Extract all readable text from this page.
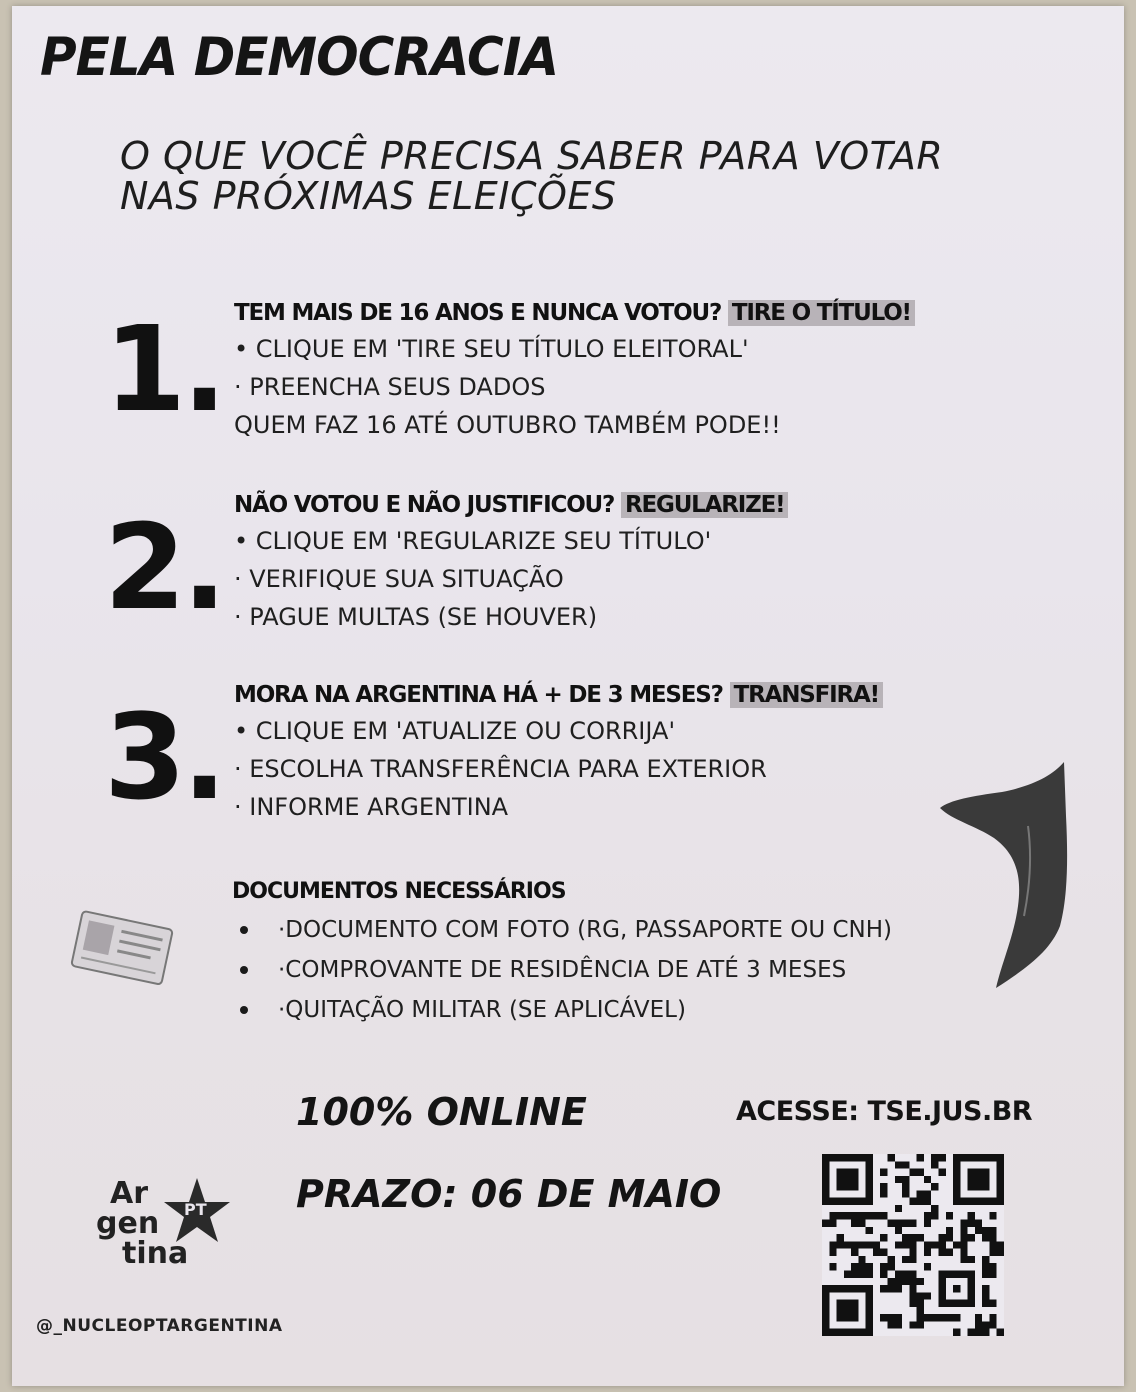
PELA DEMOCRACIA
O QUE VOCÊ PRECISA SABER PARA VOTAR
NAS PRÓXIMAS ELEIÇÕES
1. TEM MAIS DE 16 ANOS E NUNCA VOTOU? TIRE O TÍTULO!
• CLIQUE EM 'TIRE SEU TÍTULO ELEITORAL'
· PREENCHA SEUS DADOS
QUEM FAZ 16 ATÉ OUTUBRO TAMBÉM PODE!!
2. NÃO VOTOU E NÃO JUSTIFICOU? REGULARIZE!
• CLIQUE EM 'REGULARIZE SEU TÍTULO'
· VERIFIQUE SUA SITUAÇÃO
· PAGUE MULTAS (SE HOUVER)
3. MORA NA ARGENTINA HÁ + DE 3 MESES? TRANSFIRA!
• CLIQUE EM 'ATUALIZE OU CORRIJA'
· ESCOLHA TRANSFERÊNCIA PARA EXTERIOR
· INFORME ARGENTINA
DOCUMENTOS NECESSÁRIOS
·DOCUMENTO COM FOTO (RG, PASSAPORTE OU CNH)
·COMPROVANTE DE RESIDÊNCIA DE ATÉ 3 MESES
·QUITAÇÃO MILITAR (SE APLICÁVEL)
100% ONLINE
PRAZO: 06 DE MAIO
ACESSE: TSE.JUS.BR
Ar
gen
tina
PT
@_NUCLEOPTARGENTINA
